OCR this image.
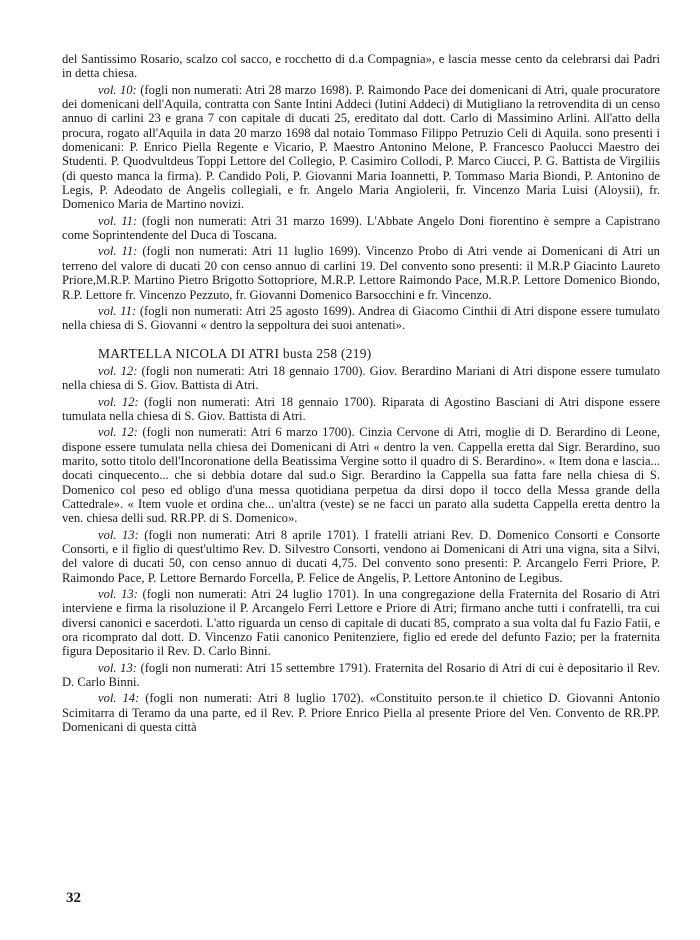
del Santissimo Rosario, scalzo col sacco, e rocchetto di d.a Compagnia», e lascia messe cento da celebrarsi dai Padri in detta chiesa.

vol. 10: (fogli non numerati: Atri 28 marzo 1698). P. Raimondo Pace dei domenicani di Atri, quale procuratore dei domenicani dell'Aquila, contratta con Sante Intini Addeci (Iutini Addeci) di Mutigliano la retrovendita di un censo annuo di carlini 23 e grana 7 con capitale di ducati 25, ereditato dal dott. Carlo di Massimino Arlini. All'atto della procura, rogato all'Aquila in data 20 marzo 1698 dal notaio Tommaso Filippo Petruzio Celi di Aquila. sono presenti i domenicani: P. Enrico Piella Regente e Vicario, P. Maestro Antonino Melone, P. Francesco Paolucci Maestro dei Studenti. P. Quodvultdeus Toppi Lettore del Collegio, P. Casimiro Collodi, P. Marco Ciucci, P. G. Battista de Virgiliis (di questo manca la firma). P. Candido Poli, P. Giovanni Maria Ioannetti, P. Tommaso Maria Biondi, P. Antonino de Legis, P. Adeodato de Angelis collegiali, e fr. Angelo Maria Angiolerii, fr. Vincenzo Maria Luisi (Aloysii), fr. Domenico Maria de Martino novizi.

vol. 11: (fogli non numerati: Atri 31 marzo 1699). L'Abbate Angelo Doni fiorentino è sempre a Capistrano come Soprintendente del Duca di Toscana.

vol. 11: (fogli non numerati: Atri 11 luglio 1699). Vincenzo Probo di Atri vende ai Domenicani di Atri un terreno del valore di ducati 20 con censo annuo di carlini 19. Del convento sono presenti: il M.R.P Giacinto Laureto Priore,M.R.P. Martino Pietro Brigotto Sottopriore, M.R.P. Lettore Raimondo Pace, M.R.P. Lettore Domenico Biondo, R.P. Lettore fr. Vincenzo Pezzuto, fr. Giovanni Domenico Barsocchini e fr. Vincenzo.

vol. 11: (fogli non numerati: Atri 25 agosto 1699). Andrea di Giacomo Cinthii di Atri dispone essere tumulato nella chiesa di S. Giovanni « dentro la seppoltura dei suoi antenati».

MARTELLA NICOLA DI ATRI busta 258 (219)

vol. 12: (fogli non numerati: Atri 18 gennaio 1700). Giov. Berardino Mariani di Atri dispone essere tumulato nella chiesa di S. Giov. Battista di Atri.

vol. 12: (fogli non numerati: Atri 18 gennaio 1700). Riparata di Agostino Basciani di Atri dispone essere tumulata nella chiesa di S. Giov. Battista di Atri.

vol. 12: (fogli non numerati: Atri 6 marzo 1700). Cinzia Cervone di Atri, moglie di D. Berardino di Leone, dispone essere tumulata nella chiesa dei Domenicani di Atri « dentro la ven. Cappella eretta dal Sigr. Berardino, suo marito, sotto titolo dell'Incoronatione della Beatissima Vergine sotto il quadro di S. Berardino». « Item dona e lascia... docati cinquecento... che si debbia dotare dal sud.o Sigr. Berardino la Cappella sua fatta fare nella chiesa di S. Domenico col peso ed obligo d'una messa quotidiana perpetua da dirsi dopo il tocco della Messa grande della Cattedrale». « Item vuole et ordina che... un'altra (veste) se ne facci un parato alla sudetta Cappella eretta dentro la ven. chiesa delli sud. RR.PP. di S. Domenico».

vol. 13: (fogli non numerati: Atri 8 aprile 1701). I fratelli atriani Rev. D. Domenico Consorti e Consorte Consorti, e il figlio di quest'ultimo Rev. D. Silvestro Consorti, vendono ai Domenicani di Atri una vigna, sita a Silvi, del valore di ducati 50, con censo annuo di ducati 4,75. Del convento sono presenti: P. Arcangelo Ferri Priore, P. Raimondo Pace, P. Lettore Bernardo Forcella, P. Felice de Angelis, P. Lettore Antonino de Legibus.

vol. 13: (fogli non numerati: Atri 24 luglio 1701). In una congregazione della Fraternita del Rosario di Atri interviene e firma la risoluzione il P. Arcangelo Ferri Lettore e Priore di Atri; firmano anche tutti i confratelli, tra cui diversi canonici e sacerdoti. L'atto riguarda un censo di capitale di ducati 85, comprato a sua volta dal fu Fazio Fatii, e ora ricomprato dal dott. D. Vincenzo Fatii canonico Penitenziere, figlio ed erede del defunto Fazio; per la fraternita figura Depositario il Rev. D. Carlo Binni.

vol. 13: (fogli non numerati: Atri 15 settembre 1791). Fraternita del Rosario di Atri di cui è depositario il Rev. D. Carlo Binni.

vol. 14: (fogli non numerati: Atri 8 luglio 1702). «Constituito person.te il chietico D. Giovanni Antonio Scimitarra di Teramo da una parte, ed il Rev. P. Priore Enrico Piella al presente Priore del Ven. Convento de RR.PP. Domenicani di questa città

32
